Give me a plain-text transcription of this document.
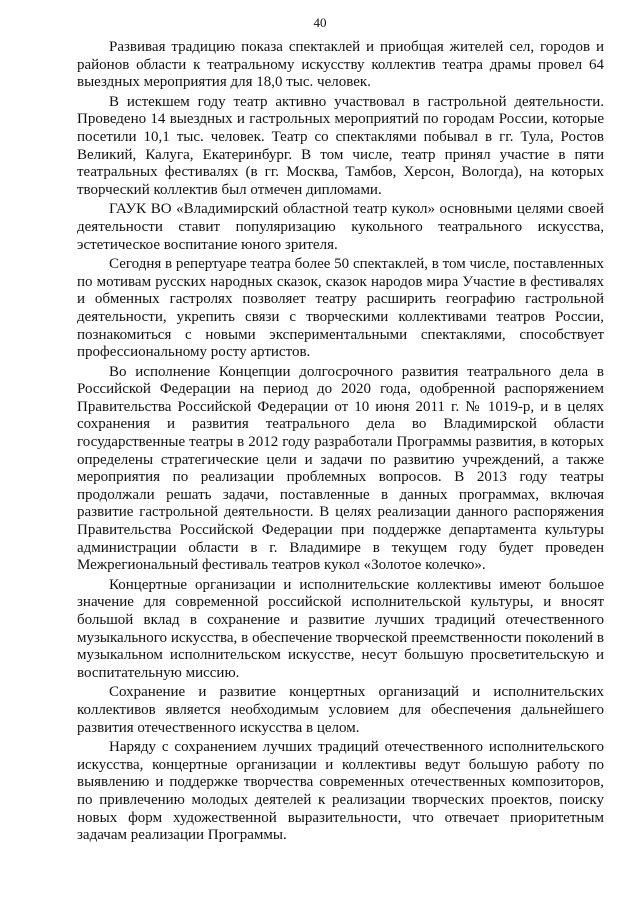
40

Развивая традицию показа спектаклей и приобщая жителей сел, городов и районов области к театральному искусству коллектив театра драмы провел 64 выездных мероприятия для 18,0 тыс. человек.

В истекшем году театр активно участвовал в гастрольной деятельности. Проведено 14 выездных и гастрольных мероприятий по городам России, которые посетили 10,1 тыс. человек. Театр со спектаклями побывал в гг. Тула, Ростов Великий, Калуга, Екатеринбург. В том числе, театр принял участие в пяти театральных фестивалях (в гг. Москва, Тамбов, Херсон, Вологда), на которых творческий коллектив был отмечен дипломами.

ГАУК ВО «Владимирский областной театр кукол» основными целями своей деятельности ставит популяризацию кукольного театрального искусства, эстетическое воспитание юного зрителя.

Сегодня в репертуаре театра более 50 спектаклей, в том числе, поставленных по мотивам русских народных сказок, сказок народов мира Участие в фестивалях и обменных гастролях позволяет театру расширить географию гастрольной деятельности, укрепить связи с творческими коллективами театров России, познакомиться с новыми экспериментальными спектаклями, способствует профессиональному росту артистов.

Во исполнение Концепции долгосрочного развития театрального дела в Российской Федерации на период до 2020 года, одобренной распоряжением Правительства Российской Федерации от 10 июня 2011 г. № 1019-р, и в целях сохранения и развития театрального дела во Владимирской области государственные театры в 2012 году разработали Программы развития, в которых определены стратегические цели и задачи по развитию учреждений, а также мероприятия по реализации проблемных вопросов. В 2013 году театры продолжали решать задачи, поставленные в данных программах, включая развитие гастрольной деятельности. В целях реализации данного распоряжения Правительства Российской Федерации при поддержке департамента культуры администрации области в г. Владимире в текущем году будет проведен Межрегиональный фестиваль театров кукол «Золотое колечко».

Концертные организации и исполнительские коллективы имеют большое значение для современной российской исполнительской культуры, и вносят большой вклад в сохранение и развитие лучших традиций отечественного музыкального искусства, в обеспечение творческой преемственности поколений в музыкальном исполнительском искусстве, несут большую просветительскую и воспитательную миссию.

Сохранение и развитие концертных организаций и исполнительских коллективов является необходимым условием для обеспечения дальнейшего развития отечественного искусства в целом.

Наряду с сохранением лучших традиций отечественного исполнительского искусства, концертные организации и коллективы ведут большую работу по выявлению и поддержке творчества современных отечественных композиторов, по привлечению молодых деятелей к реализации творческих проектов, поиску новых форм художественной выразительности, что отвечает приоритетным задачам реализации Программы.
